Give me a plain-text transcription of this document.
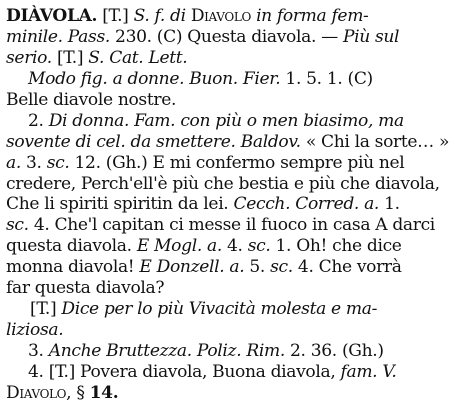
DIÀVOLA. [T.] S. f. di Diavolo in forma fem-
minile. Pass. 230. (C) Questa diavola. — Più sul
serio. [T.] S. Cat. Lett.
Modo fig. a donne. Buon. Fier. 1. 5. 1. (C)
Belle diavole nostre.
2. Di donna. Fam. con più o men biasimo, ma
sovente di cel. da smettere. Baldov. « Chi la sorte… »
a. 3. sc. 12. (Gh.) E mi confermo sempre più nel
credere, Perch'ell'è più che bestia e più che diavola,
Che li spiriti spiritin da lei. Cecch. Corred. a. 1.
sc. 4. Che'l capitan ci messe il fuoco in casa A darci
questa diavola. E Mogl. a. 4. sc. 1. Oh! che dice
monna diavola! E Donzell. a. 5. sc. 4. Che vorrà
far questa diavola?
[T.] Dice per lo più Vivacità molesta e ma-
liziosa.
3. Anche Bruttezza. Poliz. Rim. 2. 36. (Gh.)
4. [T.] Povera diavola, Buona diavola, fam. V.
Diavolo, § 14.
